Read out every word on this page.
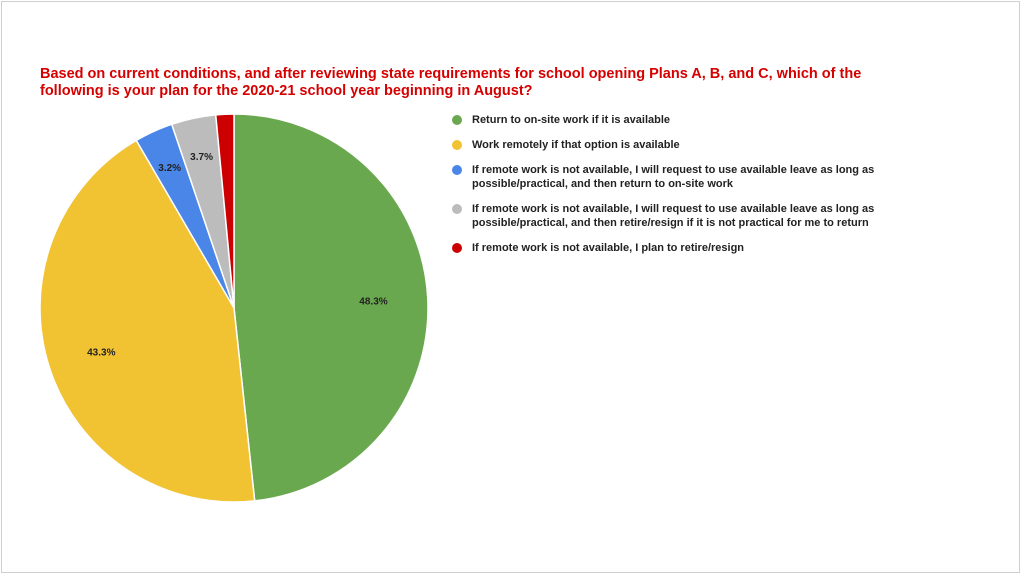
Based on current conditions, and after reviewing state requirements for school opening Plans A, B, and C, which of the
following is your plan for the 2020-21 school year beginning in August?
48.3%
43.3%
3.2%
3.7%
Return to on-site work if it is available
Work remotely if that option is available
If remote work is not available, I will request to use available leave as long as
possible/practical, and then return to on-site work
If remote work is not available, I will request to use available leave as long as
possible/practical, and then retire/resign if it is not practical for me to return
If remote work is not available, I plan to retire/resign
